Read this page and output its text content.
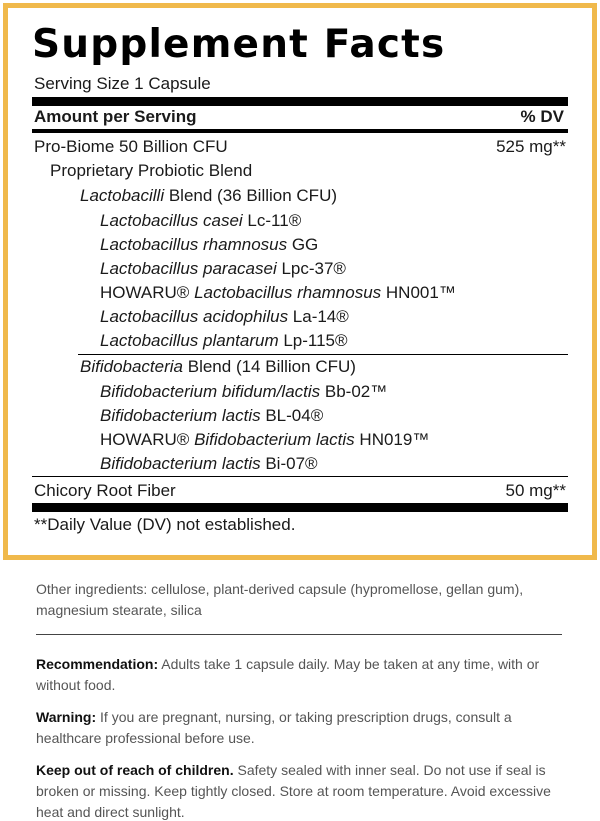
Supplement Facts
Serving Size 1 Capsule
Amount per Serving	% DV
Pro-Biome 50 Billion CFU	525 mg**
Proprietary Probiotic Blend
Lactobacilli Blend (36 Billion CFU)
Lactobacillus casei Lc-11®
Lactobacillus rhamnosus GG
Lactobacillus paracasei Lpc-37®
HOWARU® Lactobacillus rhamnosus HN001™
Lactobacillus acidophilus La-14®
Lactobacillus plantarum Lp-115®
Bifidobacteria Blend (14 Billion CFU)
Bifidobacterium bifidum/lactis Bb-02™
Bifidobacterium lactis BL-04®
HOWARU® Bifidobacterium lactis HN019™
Bifidobacterium lactis Bi-07®
Chicory Root Fiber	50 mg**
**Daily Value (DV) not established.
Other ingredients: cellulose, plant-derived capsule (hypromellose, gellan gum), magnesium stearate, silica
Recommendation: Adults take 1 capsule daily. May be taken at any time, with or without food.
Warning: If you are pregnant, nursing, or taking prescription drugs, consult a healthcare professional before use.
Keep out of reach of children. Safety sealed with inner seal. Do not use if seal is broken or missing. Keep tightly closed. Store at room temperature. Avoid excessive heat and direct sunlight.
